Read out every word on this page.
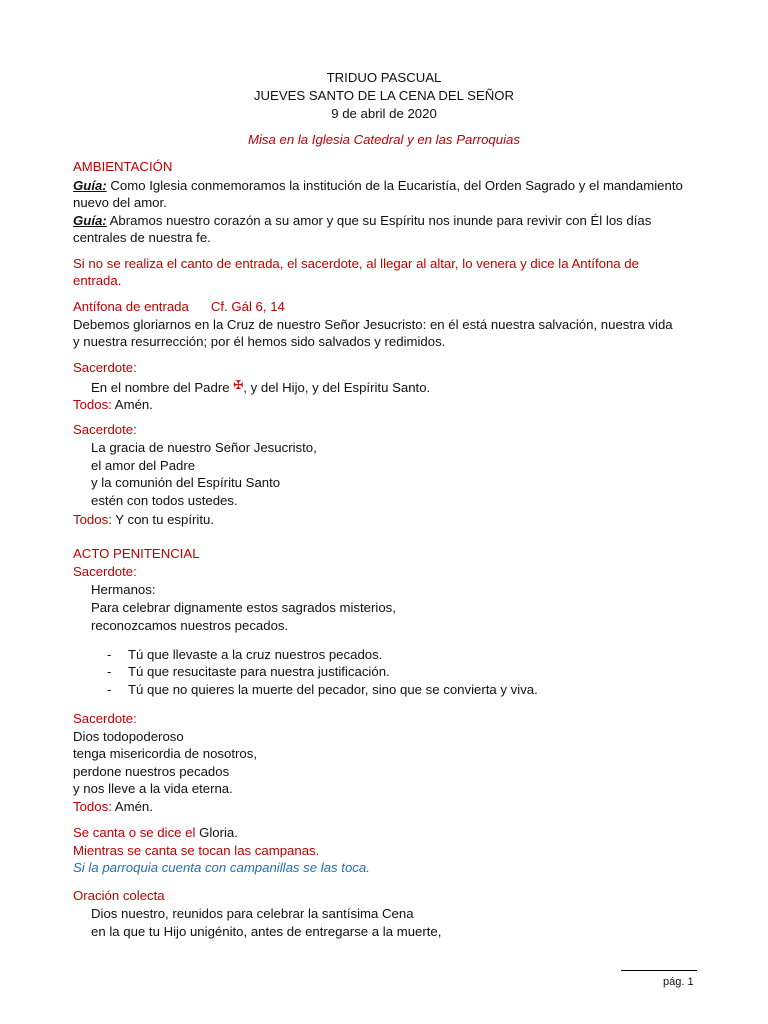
TRIDUO PASCUAL
JUEVES SANTO DE LA CENA DEL SEÑOR
9 de abril de 2020
Misa en la Iglesia Catedral y en las Parroquias
AMBIENTACIÓN
Guía: Como Iglesia conmemoramos la institución de la Eucaristía, del Orden Sagrado y el mandamiento
nuevo del amor.
Guía: Abramos nuestro corazón a su amor y que su Espíritu nos inunde para revivir con Él los días
centrales de nuestra fe.
Si no se realiza el canto de entrada, el sacerdote, al llegar al altar, lo venera y dice la Antífona de
entrada.
Antífona de entrada      Cf. Gál 6, 14
Debemos gloriarnos en la Cruz de nuestro Señor Jesucristo: en él está nuestra salvación, nuestra vida
y nuestra resurrección; por él hemos sido salvados y redimidos.
Sacerdote:
En el nombre del Padre ✠, y del Hijo, y del Espíritu Santo.
Todos: Amén.
Sacerdote:
La gracia de nuestro Señor Jesucristo,
el amor del Padre
y la comunión del Espíritu Santo
estén con todos ustedes.
Todos: Y con tu espíritu.
ACTO PENITENCIAL
Sacerdote:
Hermanos:
Para celebrar dignamente estos sagrados misterios,
reconozcamos nuestros pecados.
- Tú que llevaste a la cruz nuestros pecados.
- Tú que resucitaste para nuestra justificación.
- Tú que no quieres la muerte del pecador, sino que se convierta y viva.
Sacerdote:
Dios todopoderoso
tenga misericordia de nosotros,
perdone nuestros pecados
y nos lleve a la vida eterna.
Todos: Amén.
Se canta o se dice el Gloria.
Mientras se canta se tocan las campanas.
Si la parroquia cuenta con campanillas se las toca.
Oración colecta
Dios nuestro, reunidos para celebrar la santísima Cena
en la que tu Hijo unigénito, antes de entregarse a la muerte,
pág. 1
